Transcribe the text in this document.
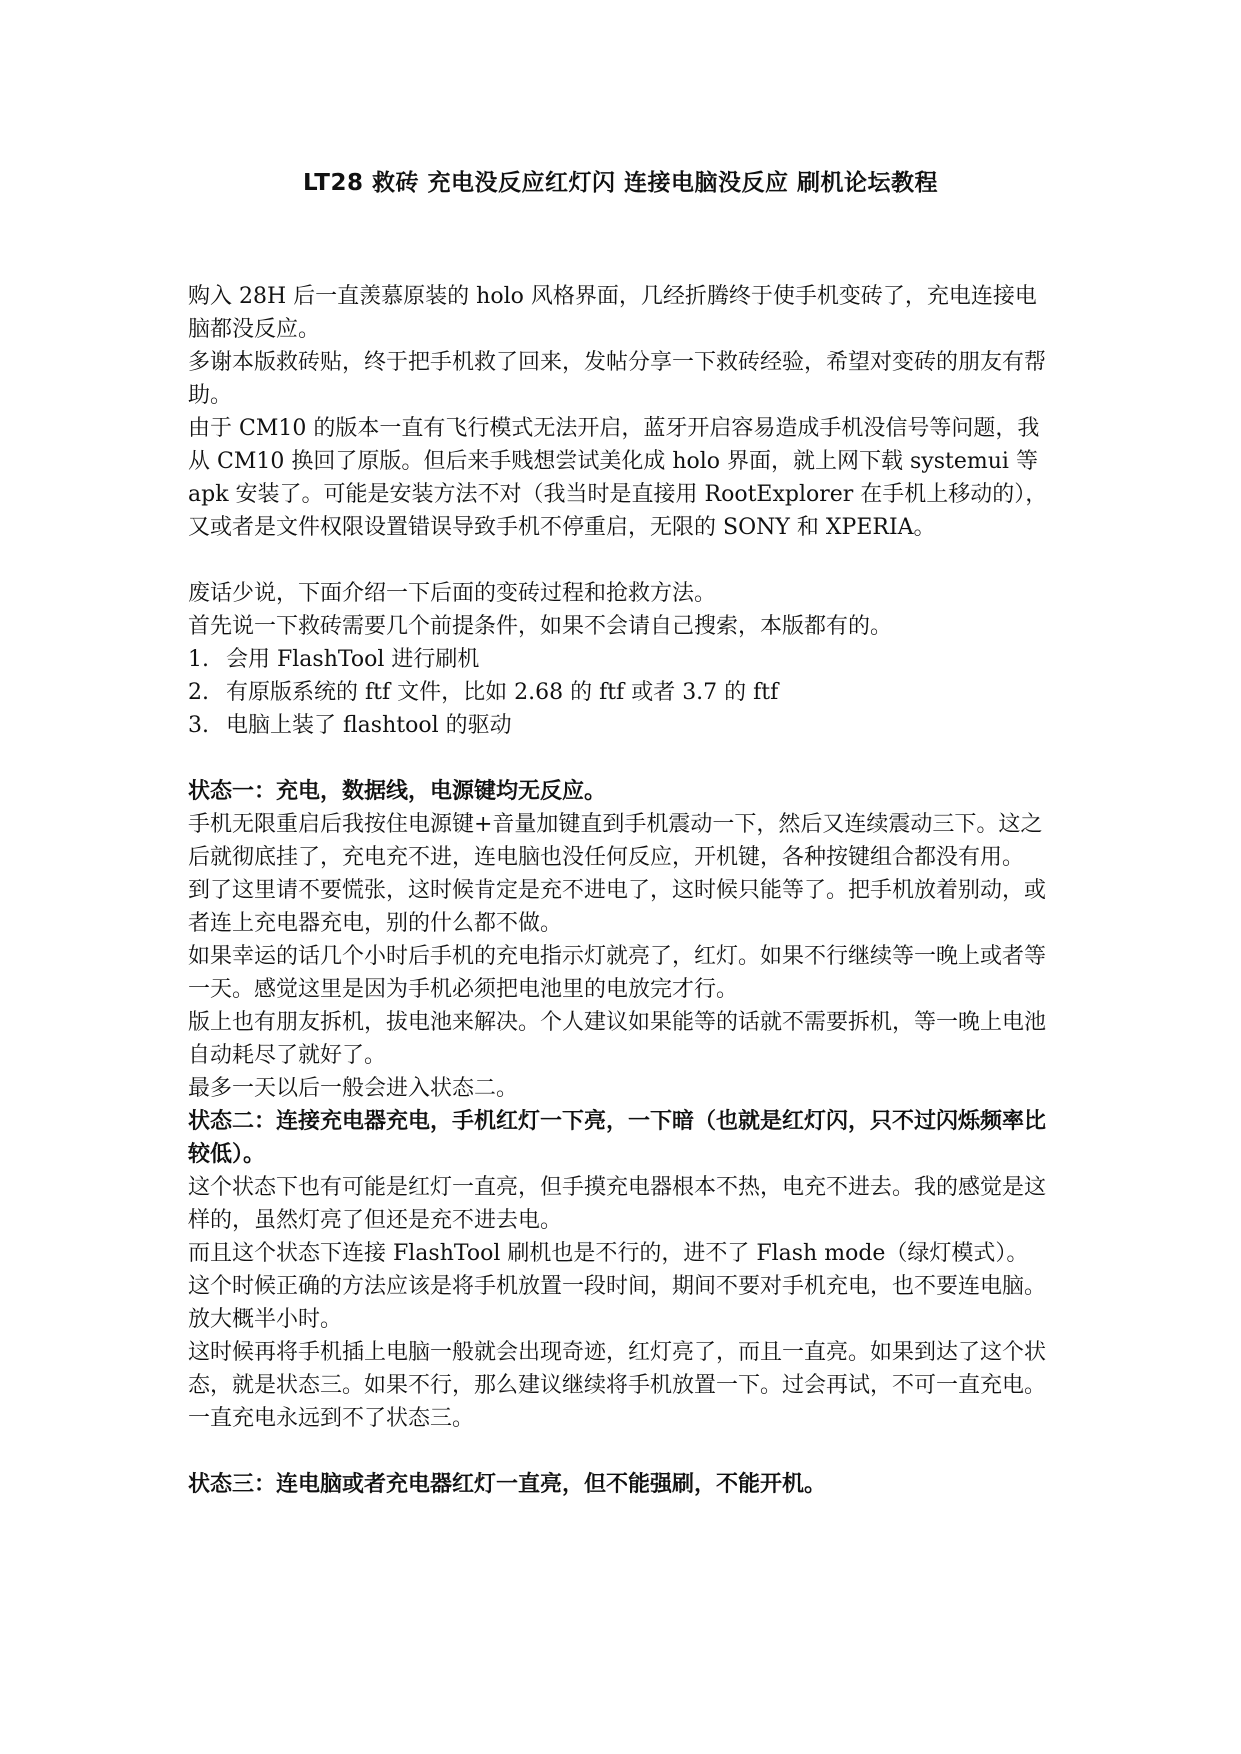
LT28 救砖 充电没反应红灯闪 连接电脑没反应 刷机论坛教程

购入 28H 后一直羡慕原装的 holo 风格界面，几经折腾终于使手机变砖了，充电连接电脑都没反应。

多谢本版救砖贴，终于把手机救了回来，发帖分享一下救砖经验，希望对变砖的朋友有帮助。

由于 CM10 的版本一直有飞行模式无法开启，蓝牙开启容易造成手机没信号等问题，我从 CM10 换回了原版。但后来手贱想尝试美化成 holo 界面，就上网下载 systemui 等 apk 安装了。可能是安装方法不对（我当时是直接用 RootExplorer 在手机上移动的），又或者是文件权限设置错误导致手机不停重启，无限的 SONY 和 XPERIA。

废话少说，下面介绍一下后面的变砖过程和抢救方法。

首先说一下救砖需要几个前提条件，如果不会请自己搜索，本版都有的。

1. 会用 FlashTool 进行刷机
2. 有原版系统的 ftf 文件，比如 2.68 的 ftf 或者 3.7 的 ftf
3. 电脑上装了 flashtool 的驱动

状态一：充电，数据线，电源键均无反应。

手机无限重启后我按住电源键+音量加键直到手机震动一下，然后又连续震动三下。这之后就彻底挂了，充电充不进，连电脑也没任何反应，开机键，各种按键组合都没有用。

到了这里请不要慌张，这时候肯定是充不进电了，这时候只能等了。把手机放着别动，或者连上充电器充电，别的什么都不做。

如果幸运的话几个小时后手机的充电指示灯就亮了，红灯。如果不行继续等一晚上或者等一天。感觉这里是因为手机必须把电池里的电放完才行。

版上也有朋友拆机，拔电池来解决。个人建议如果能等的话就不需要拆机，等一晚上电池自动耗尽了就好了。

最多一天以后一般会进入状态二。

状态二：连接充电器充电，手机红灯一下亮，一下暗（也就是红灯闪，只不过闪烁频率比较低）。

这个状态下也有可能是红灯一直亮，但手摸充电器根本不热，电充不进去。我的感觉是这样的，虽然灯亮了但还是充不进去电。

而且这个状态下连接 FlashTool 刷机也是不行的，进不了 Flash mode（绿灯模式）。

这个时候正确的方法应该是将手机放置一段时间，期间不要对手机充电，也不要连电脑。放大概半小时。

这时候再将手机插上电脑一般就会出现奇迹，红灯亮了，而且一直亮。如果到达了这个状态，就是状态三。如果不行，那么建议继续将手机放置一下。过会再试，不可一直充电。一直充电永远到不了状态三。

状态三：连电脑或者充电器红灯一直亮，但不能强刷，不能开机。
